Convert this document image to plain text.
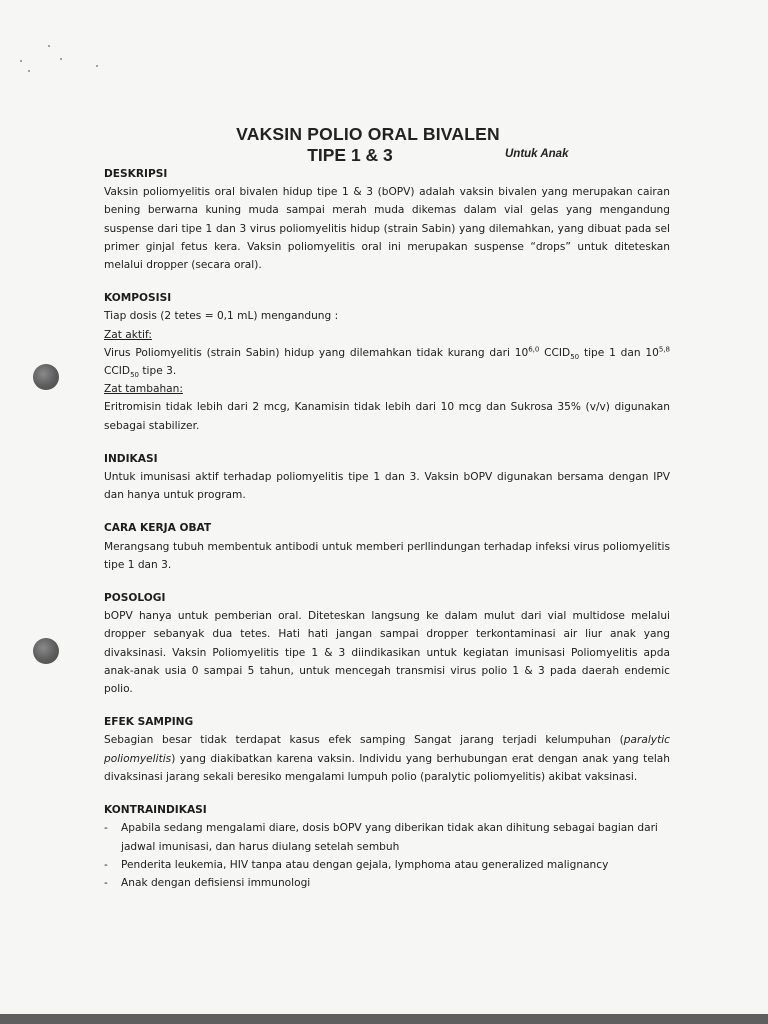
VAKSIN POLIO ORAL BIVALEN
TIPE 1 & 3	Untuk Anak
DESKRIPSI

Vaksin poliomyelitis oral bivalen hidup tipe 1 & 3 (bOPV) adalah vaksin bivalen yang merupakan cairan bening berwarna kuning muda sampai merah muda dikemas dalam vial gelas yang mengandung suspense dari tipe 1 dan 3 virus poliomyelitis hidup (strain Sabin) yang dilemahkan, yang dibuat pada sel primer ginjal fetus kera. Vaksin poliomyelitis oral ini merupakan suspense “drops” untuk diteteskan melalui dropper (secara oral).

KOMPOSISI

Tiap dosis (2 tetes = 0,1 mL) mengandung :

Zat aktif:

Virus Poliomyelitis (strain Sabin) hidup yang dilemahkan tidak kurang dari 10$^{6,0}$ $CCID_{50}$ tipe 1 dan 10$^{5,8}$ $CCID_{50}$ tipe 3.

Zat tambahan:

Eritromisin tidak lebih dari 2 mcg, Kanamisin tidak lebih dari 10 mcg dan Sukrosa 35% (v/v) digunakan sebagai stabilizer.

INDIKASI

Untuk imunisasi aktif terhadap poliomyelitis tipe 1 dan 3. Vaksin bOPV digunakan bersama dengan IPV dan hanya untuk program.

CARA KERJA OBAT

Merangsang tubuh membentuk antibodi untuk memberi perllindungan terhadap infeksi virus poliomyelitis tipe 1 dan 3.

POSOLOGI

bOPV hanya untuk pemberian oral. Diteteskan langsung ke dalam mulut dari vial multidose melalui dropper sebanyak dua tetes. Hati hati jangan sampai dropper terkontaminasi air liur anak yang divaksinasi. Vaksin Poliomyelitis tipe 1 & 3 diindikasikan untuk kegiatan imunisasi Poliomyelitis apda anak-anak usia 0 sampai 5 tahun, untuk mencegah transmisi virus polio 1 & 3 pada daerah endemic polio.

EFEK SAMPING

Sebagian besar tidak terdapat kasus efek samping Sangat jarang terjadi kelumpuhan (paralytic poliomyelitis) yang diakibatkan karena vaksin. Individu yang berhubungan erat dengan anak yang telah divaksinasi jarang sekali beresiko mengalami lumpuh polio (paralytic poliomyelitis) akibat vaksinasi.

KONTRAINDIKASI
- Apabila sedang mengalami diare, dosis bOPV yang diberikan tidak akan dihitung sebagai bagian dari jadwal imunisasi, dan harus diulang setelah sembuh
- Penderita leukemia, HIV tanpa atau dengan gejala, lymphoma atau generalized malignancy
- Anak dengan defisiensi immunologi
